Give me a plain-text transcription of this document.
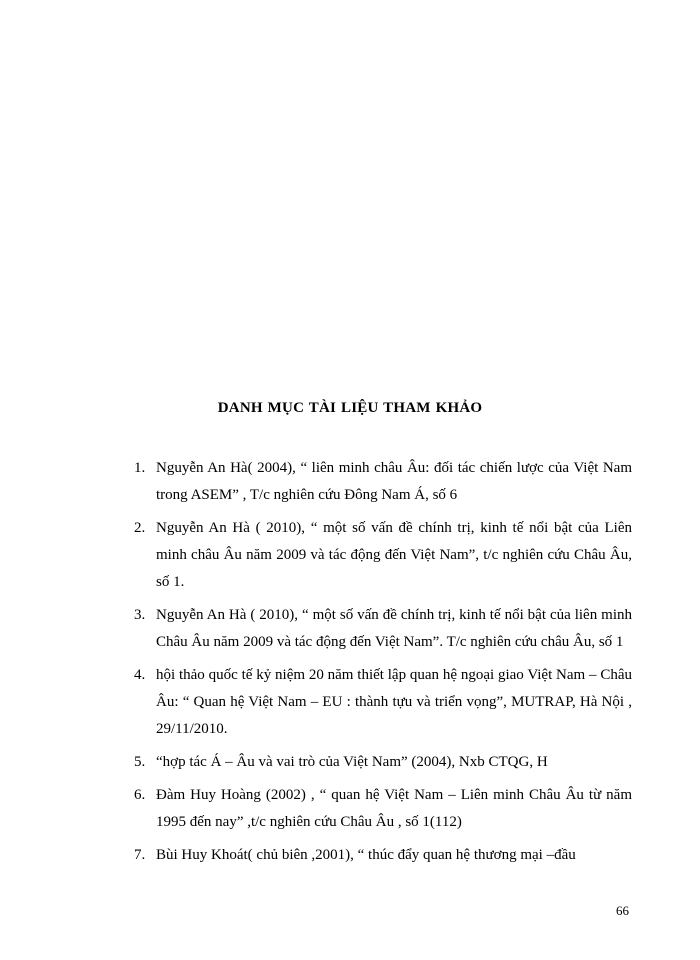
DANH MỤC TÀI LIỆU THAM KHẢO
1. Nguyễn An Hà( 2004), “ liên minh châu Âu: đối tác chiến lược của Việt Nam trong ASEM” , T/c nghiên cứu Đông Nam Á, số 6
2. Nguyễn An Hà ( 2010), “ một số vấn đề chính trị, kinh tế nổi bật của Liên minh châu Âu năm 2009 và tác động đến Việt Nam”, t/c nghiên cứu Châu Âu, số 1.
3. Nguyễn An Hà ( 2010), “ một số vấn đề chính trị, kinh tế nổi bật của liên minh Châu Âu năm 2009 và tác động đến Việt Nam”. T/c nghiên cứu châu Âu, số 1
4. hội thảo quốc tế kỷ niệm 20 năm thiết lập quan hệ ngoại giao Việt Nam – Châu Âu: “ Quan hệ Việt Nam – EU : thành tựu và triển vọng”, MUTRAP, Hà Nội , 29/11/2010.
5. “hợp tác Á – Âu và vai trò của Việt Nam” (2004), Nxb CTQG, H
6. Đàm Huy Hoàng (2002) , “ quan hệ Việt Nam – Liên minh Châu Âu từ năm 1995 đến nay” ,t/c nghiên cứu Châu Âu , số 1(112)
7. Bùi Huy Khoát( chủ biên ,2001), “ thúc đẩy quan hệ thương mại –đầu
66
